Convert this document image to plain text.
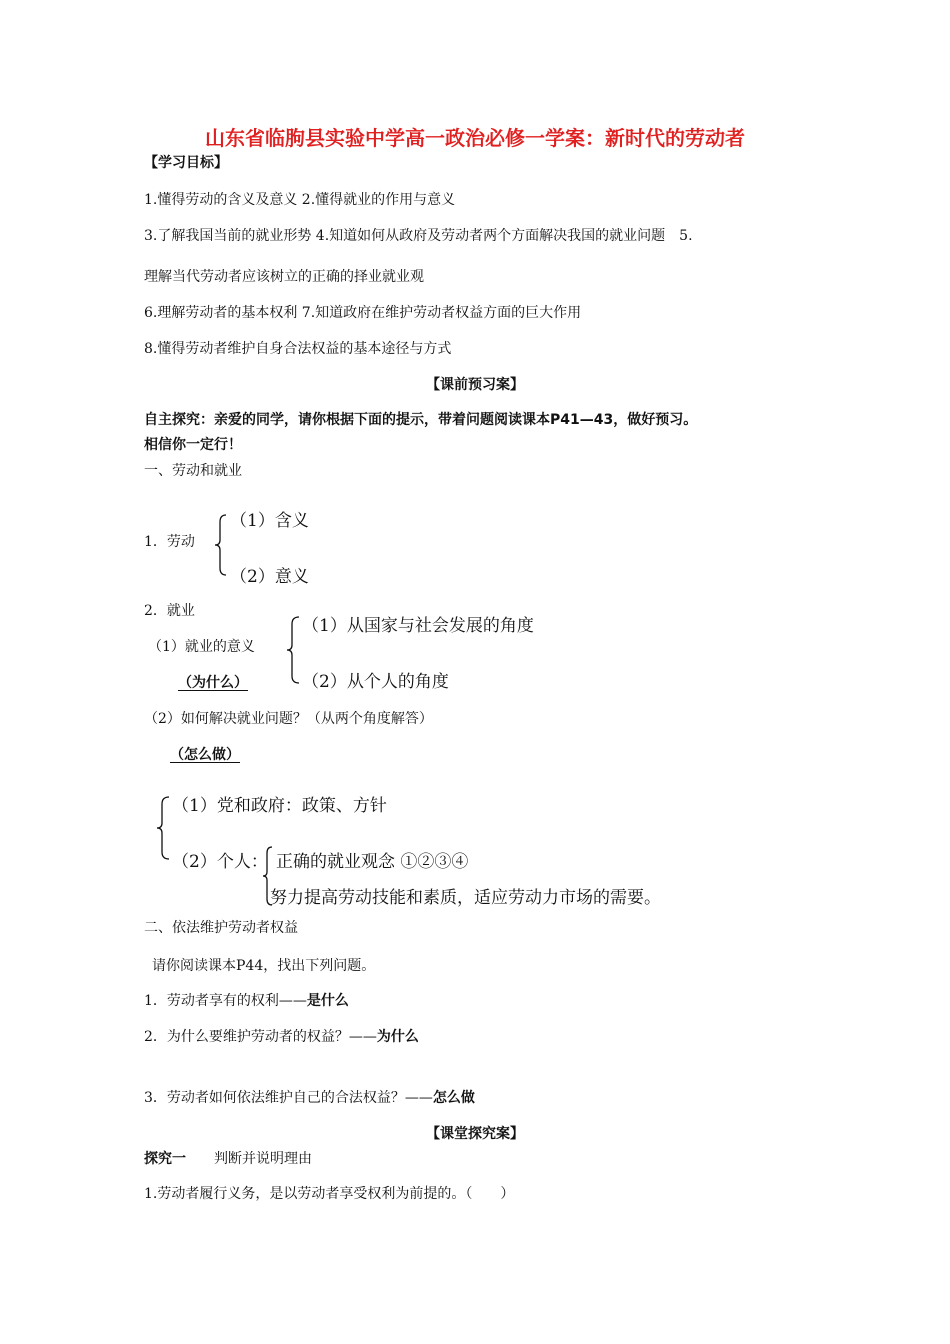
山东省临朐县实验中学高一政治必修一学案：新时代的劳动者
【学习目标】
1.懂得劳动的含义及意义 2.懂得就业的作用与意义
3.了解我国当前的就业形势 4.知道如何从政府及劳动者两个方面解决我国的就业问题　5.
理解当代劳动者应该树立的正确的择业就业观
6.理解劳动者的基本权利 7.知道政府在维护劳动者权益方面的巨大作用
8.懂得劳动者维护自身合法权益的基本途径与方式
【课前预习案】
自主探究：亲爱的同学，请你根据下面的提示，带着问题阅读课本P41—43，做好预习。
相信你一定行！
一、劳动和就业
1．劳动
（1）含义
（2）意义
2．就业
（1）就业的意义
（为什么）
（1）从国家与社会发展的角度
（2）从个人的角度
（2）如何解决就业问题？（从两个角度解答）
（怎么做）
（1）党和政府：政策、方针
（2）个人： 正确的就业观念 ①②③④
努力提高劳动技能和素质，适应劳动力市场的需要。
二、依法维护劳动者权益
请你阅读课本P44，找出下列问题。
1．劳动者享有的权利——是什么
2．为什么要维护劳动者的权益？——为什么
3．劳动者如何依法维护自己的合法权益？——怎么做
【课堂探究案】
探究一 判断并说明理由
1.劳动者履行义务，是以劳动者享受权利为前提的。（　　）
